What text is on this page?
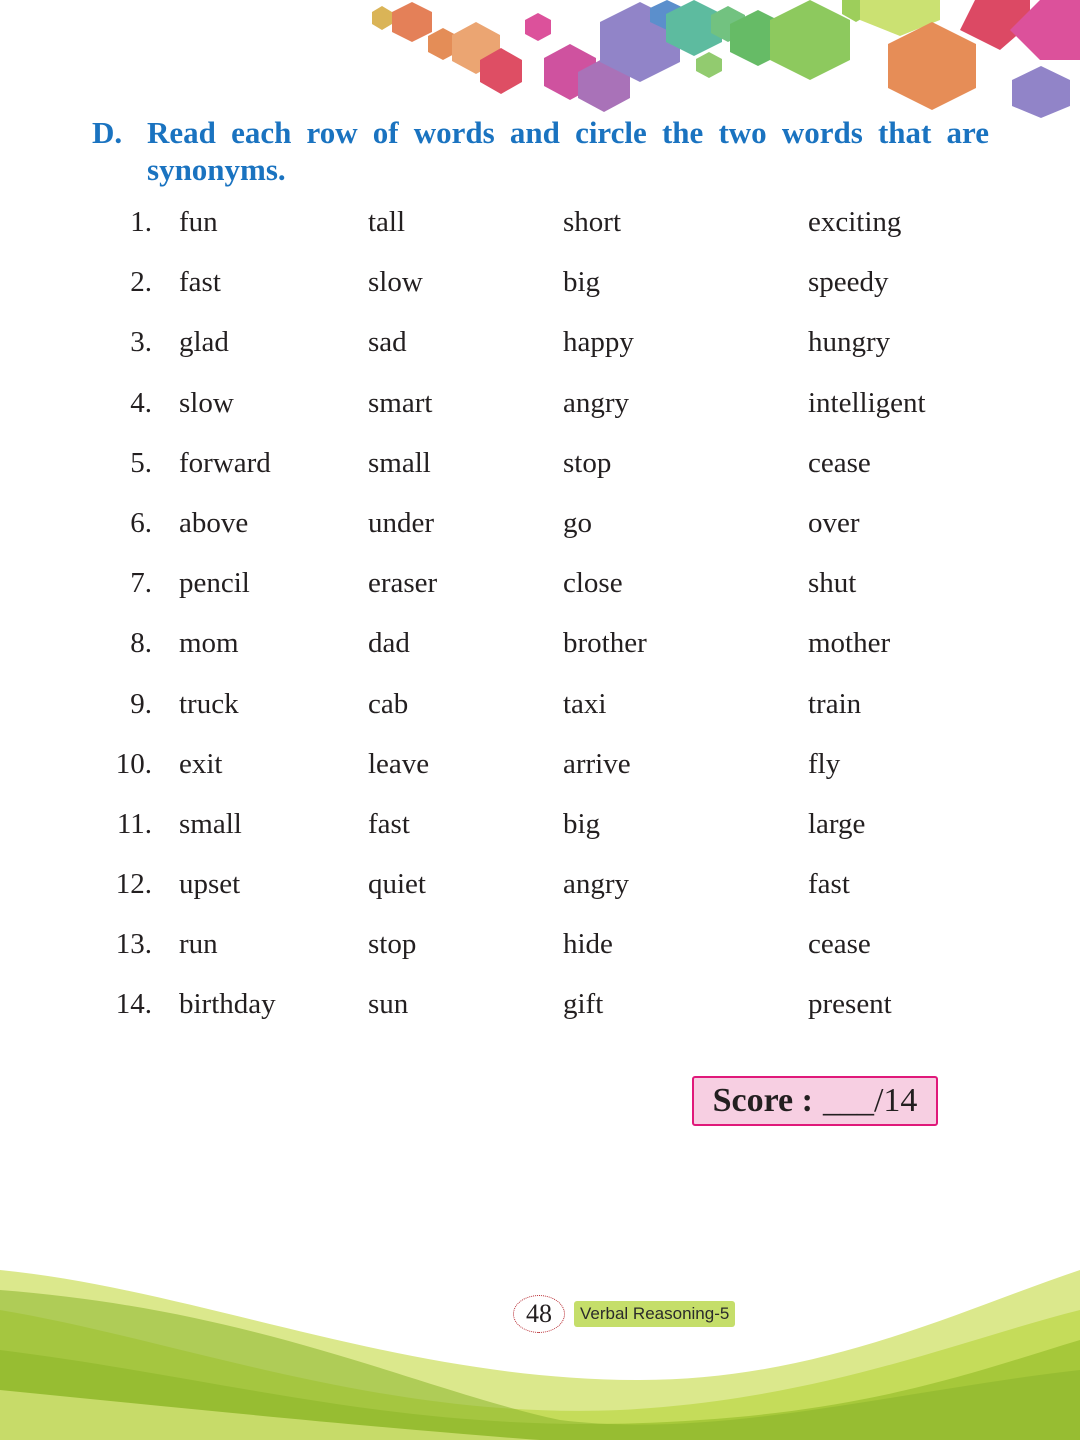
D. Read each row of words and circle the two words that are synonyms.
1. fun	tall	short	exciting
2. fast	slow	big	speedy
3. glad	sad	happy	hungry
4. slow	smart	angry	intelligent
5. forward	small	stop	cease
6. above	under	go	over
7. pencil	eraser	close	shut
8. mom	dad	brother	mother
9. truck	cab	taxi	train
10. exit	leave	arrive	fly
11. small	fast	big	large
12. upset	quiet	angry	fast
13. run	stop	hide	cease
14. birthday	sun	gift	present
Score : ___/14
48	Verbal Reasoning-5
